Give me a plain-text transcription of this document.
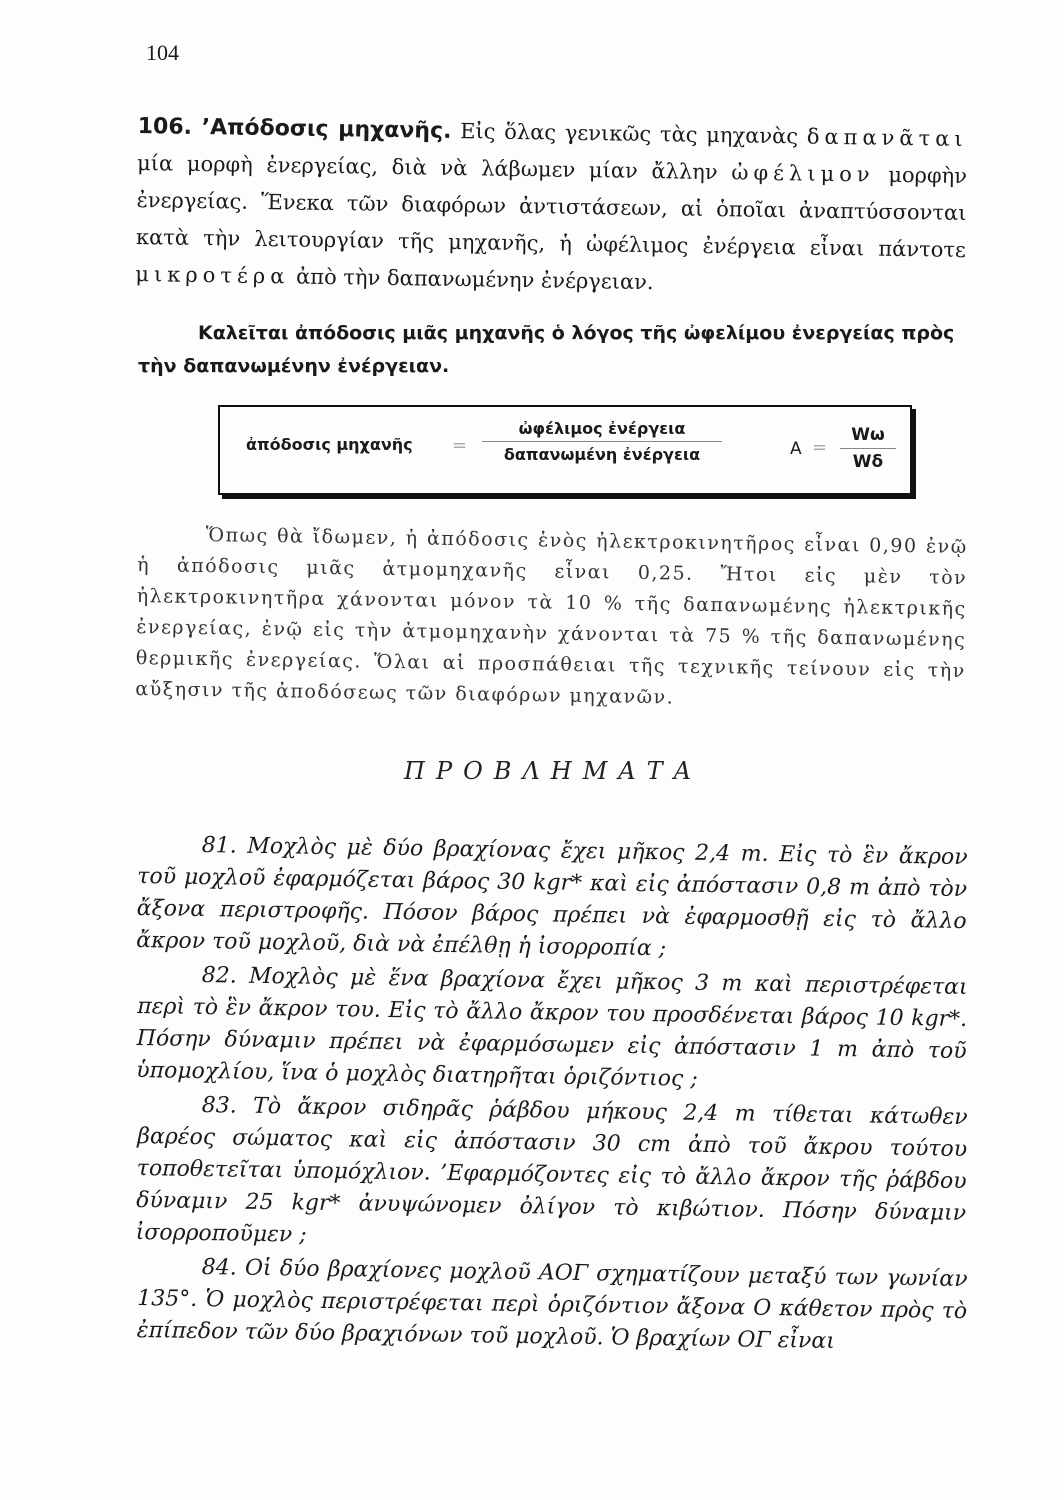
104

106. ’Απόδοσις μηχανῆς. Εἰς ὅλας γενικῶς τὰς μηχανὰς δαπανᾶται μία μορφὴ ἐνεργείας, διὰ νὰ λάβωμεν μίαν ἄλλην ὠφέλιμον μορφὴν ἐνεργείας. Ἕνεκα τῶν διαφόρων ἀντιστάσεων, αἱ ὁποῖαι ἀναπτύσσονται κατὰ τὴν λειτουργίαν τῆς μηχανῆς, ἡ ὠφέλιμος ἐνέργεια εἶναι πάντοτε μικροτέρα ἀπὸ τὴν δαπανωμένην ἐνέργειαν.

Καλεῖται ἀπόδοσις μιᾶς μηχανῆς ὁ λόγος τῆς ὠφελίμου ἐνεργείας πρὸς τὴν δαπανωμένην ἐνέργειαν.

ἀπόδοσις μηχανῆς =
ὠφέλιμος ἐνέργεια
δαπανωμένη ἐνέργεια	A =
Wω
Wδ

Ὅπως θὰ ἴδωμεν, ἡ ἀπόδοσις ἑνὸς ἠλεκτροκινητῆρος εἶναι 0,90 ἐνῷ ἡ ἀπόδοσις μιᾶς ἀτμομηχανῆς εἶναι 0,25. Ἤτοι εἰς μὲν τὸν ἠλεκτροκινητῆρα χάνονται μόνον τὰ 10 % τῆς δαπανωμένης ἠλεκτρικῆς ἐνεργείας, ἐνῷ εἰς τὴν ἀτμομηχανὴν χάνονται τὰ 75 % τῆς δαπανωμένης θερμικῆς ἐνεργείας. Ὅλαι αἱ προσπάθειαι τῆς τεχνικῆς τείνουν εἰς τὴν αὔξησιν τῆς ἀποδόσεως τῶν διαφόρων μηχανῶν.

ΠΡΟΒΛΗΜΑΤΑ

81. Μοχλὸς μὲ δύο βραχίονας ἔχει μῆκος 2,4 m. Εἰς τὸ ἓν ἄκρον τοῦ μοχλοῦ ἐφαρμόζεται βάρος 30 kgr* καὶ εἰς ἀπόστασιν 0,8 m ἀπὸ τὸν ἄξονα περιστροφῆς. Πόσον βάρος πρέπει νὰ ἐφαρμοσθῇ εἰς τὸ ἄλλο ἄκρον τοῦ μοχλοῦ, διὰ νὰ ἐπέλθῃ ἡ ἰσορροπία ;

82. Μοχλὸς μὲ ἕνα βραχίονα ἔχει μῆκος 3 m καὶ περιστρέφεται περὶ τὸ ἓν ἄκρον του. Εἰς τὸ ἄλλο ἄκρον του προσδένεται βάρος 10 kgr*. Πόσην δύναμιν πρέπει νὰ ἐφαρμόσωμεν εἰς ἀπόστασιν 1 m ἀπὸ τοῦ ὑπομοχλίου, ἵνα ὁ μοχλὸς διατηρῆται ὁριζόντιος ;

83. Τὸ ἄκρον σιδηρᾶς ῥάβδου μήκους 2,4 m τίθεται κάτωθεν βαρέος σώματος καὶ εἰς ἀπόστασιν 30 cm ἀπὸ τοῦ ἄκρου τούτου τοποθετεῖται ὑπομόχλιον. ’Εφαρμόζοντες εἰς τὸ ἄλλο ἄκρον τῆς ῥάβδου δύναμιν 25 kgr* ἀνυψώνομεν ὀλίγον τὸ κιβώτιον. Πόσην δύναμιν ἰσορροποῦμεν ;

84. Οἱ δύο βραχίονες μοχλοῦ ΑΟΓ σχηματίζουν μεταξύ των γωνίαν 135°. Ὁ μοχλὸς περιστρέφεται περὶ ὁριζόντιον ἄξονα Ο κάθετον πρὸς τὸ ἐπίπεδον τῶν δύο βραχιόνων τοῦ μοχλοῦ. Ὁ βραχίων ΟΓ εἶναι
